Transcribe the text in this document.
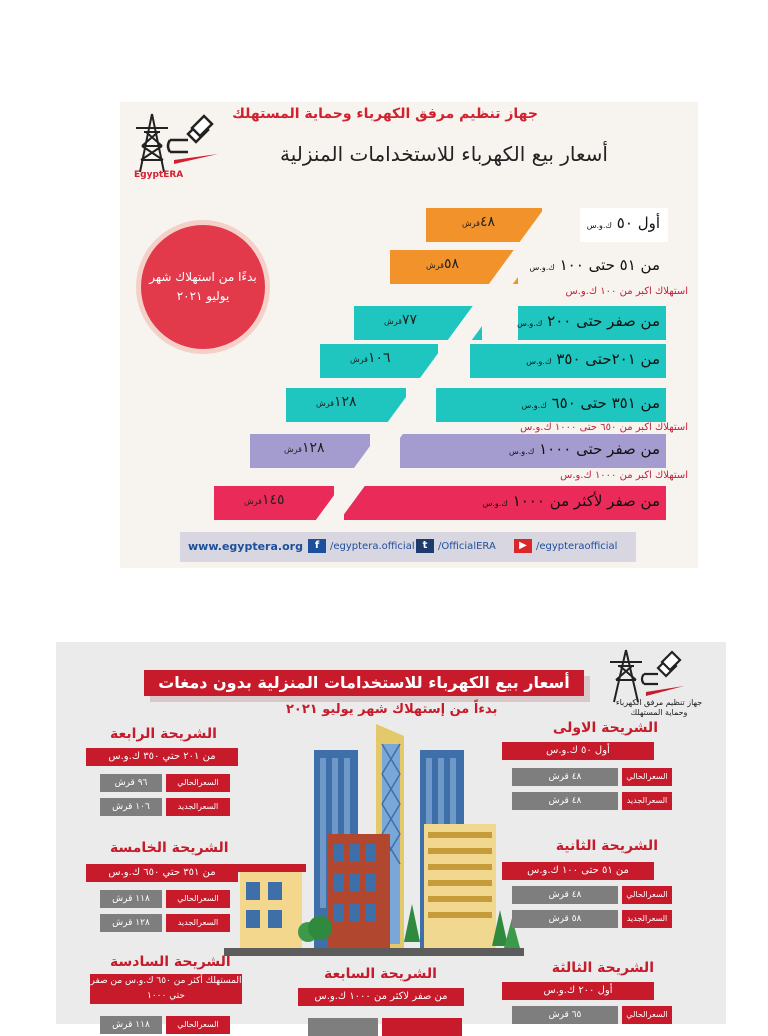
EgyptERA
جهاز تنظيم مرفق الكهرباء وحماية المستهلك
أسعار بيع الكهرباء للاستخدامات المنزلية
بدءًا من استهلاك شهر يوليو ٢٠٢١
٤٨قرش	أول ٥٠ ك.و.س
٥٨قرش	من ٥١ حتى ١٠٠ ك.و.س
استهلاك اكبر من ١٠٠ ك.و.س
٧٧قرش	من صفر حتى ٢٠٠ ك.و.س
١٠٦قرش	من ٢٠١حتى ٣٥٠ ك.و.س
١٢٨قرش	من ٣٥١ حتى ٦٥٠ ك.و.س
استهلاك اكبر من ٦٥٠ حتى ١٠٠٠ ك.و.س
١٢٨قرش	من صفر حتى ١٠٠٠ ك.و.س
استهلاك اكبر من ١٠٠٠ ك.و.س
١٤٥قرش	من صفر لأكثر من ١٠٠٠ ك.و.س
www.egyptera.org	f	/egyptera.official t	/OfficialERA	▶ /egypteraofficial
أسعار بيع الكهرباء للاستخدامات المنزلية بدون دمغات
بدءاً من إستهلاك شهر يوليو ٢٠٢١	جهاز تنظيم مرفق الكهرباء وحماية المستهلك
الشريحة الاولى
أول ٥٠ ك.و.س
السعرالحالي
٤٨ قرش
السعرالجديد
٤٨ قرش
الشريحة الثانية
من ٥١ حتى ١٠٠ ك.و.س
السعرالحالي
٤٨ قرش
السعرالجديد
٥٨ قرش
الشريحة الثالثة
أول ٢٠٠ ك.و.س
السعرالحالي
٦٥ قرش
الشريحة الرابعة
من ٢٠١ حتي ٣٥٠ ك.و.س
السعرالحالي
٩٦ قرش
السعرالجديد
١٠٦ قرش
الشريحة الخامسة
من ٣٥١ حتي ٦٥٠ ك.و.س
السعرالحالي
١١٨ قرش
السعرالجديد
١٢٨ قرش
الشريحة السادسة
المستهلك أكثر من ٦٥٠ ك.و.س من صفر حتي ١٠٠٠
السعرالحالي
١١٨ قرش
الشريحة السابعة
من صفر لاكثر من ١٠٠٠ ك.و.س
